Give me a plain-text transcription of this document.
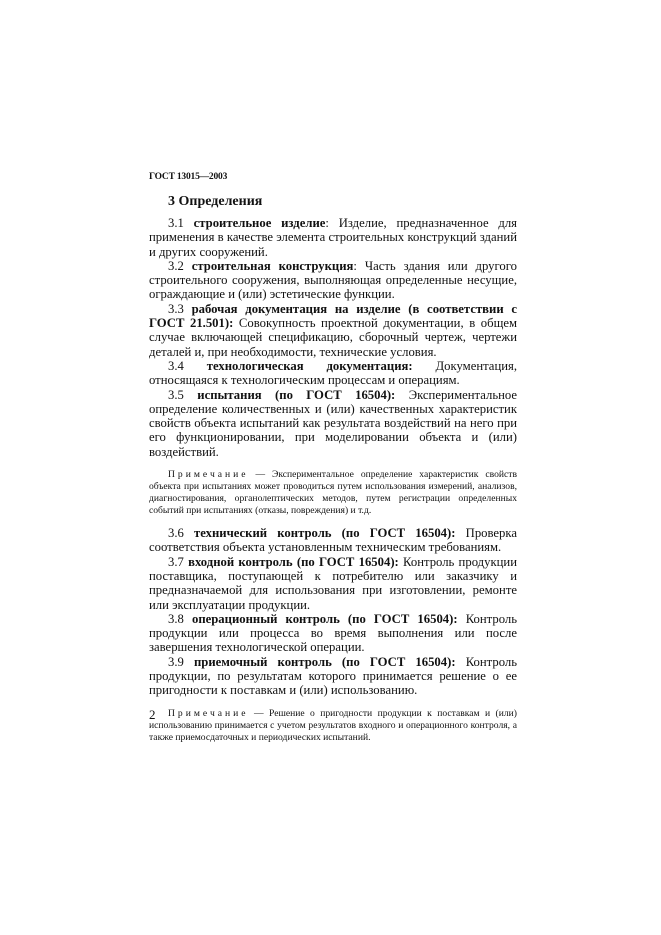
ГОСТ 13015—2003
3 Определения

3.1 строительное изделие: Изделие, предназначенное для применения в качестве элемента строительных конструкций зданий и других сооружений.

3.2 строительная конструкция: Часть здания или другого строительного сооружения, выполняющая определенные несущие, ограждающие и (или) эстетические функции.

3.3 рабочая документация на изделие (в соответствии с ГОСТ 21.501): Совокупность проектной документации, в общем случае включающей спецификацию, сборочный чертеж, чертежи деталей и, при необходимости, технические условия.

3.4 технологическая документация: Документация, относящаяся к технологическим процессам и операциям.

3.5 испытания (по ГОСТ 16504): Экспериментальное определение количественных и (или) качественных характеристик свойств объекта испытаний как результата воздействий на него при его функционировании, при моделировании объекта и (или) воздействий.

Примечание — Экспериментальное определение характеристик свойств объекта при испытаниях может проводиться путем использования измерений, анализов, диагностирования, органолептических методов, путем регистрации определенных событий при испытаниях (отказы, повреждения) и т.д.

3.6 технический контроль (по ГОСТ 16504): Проверка соответствия объекта установленным техническим требованиям.

3.7 входной контроль (по ГОСТ 16504): Контроль продукции поставщика, поступающей к потребителю или заказчику и предназначаемой для использования при изготовлении, ремонте или эксплуатации продукции.

3.8 операционный контроль (по ГОСТ 16504): Контроль продукции или процесса во время выполнения или после завершения технологической операции.

3.9 приемочный контроль (по ГОСТ 16504): Контроль продукции, по результатам которого принимается решение о ее пригодности к поставкам и (или) использованию.

Примечание — Решение о пригодности продукции к поставкам и (или) использованию принимается с учетом результатов входного и операционного контроля, а также приемосдаточных и периодических испытаний.

2
